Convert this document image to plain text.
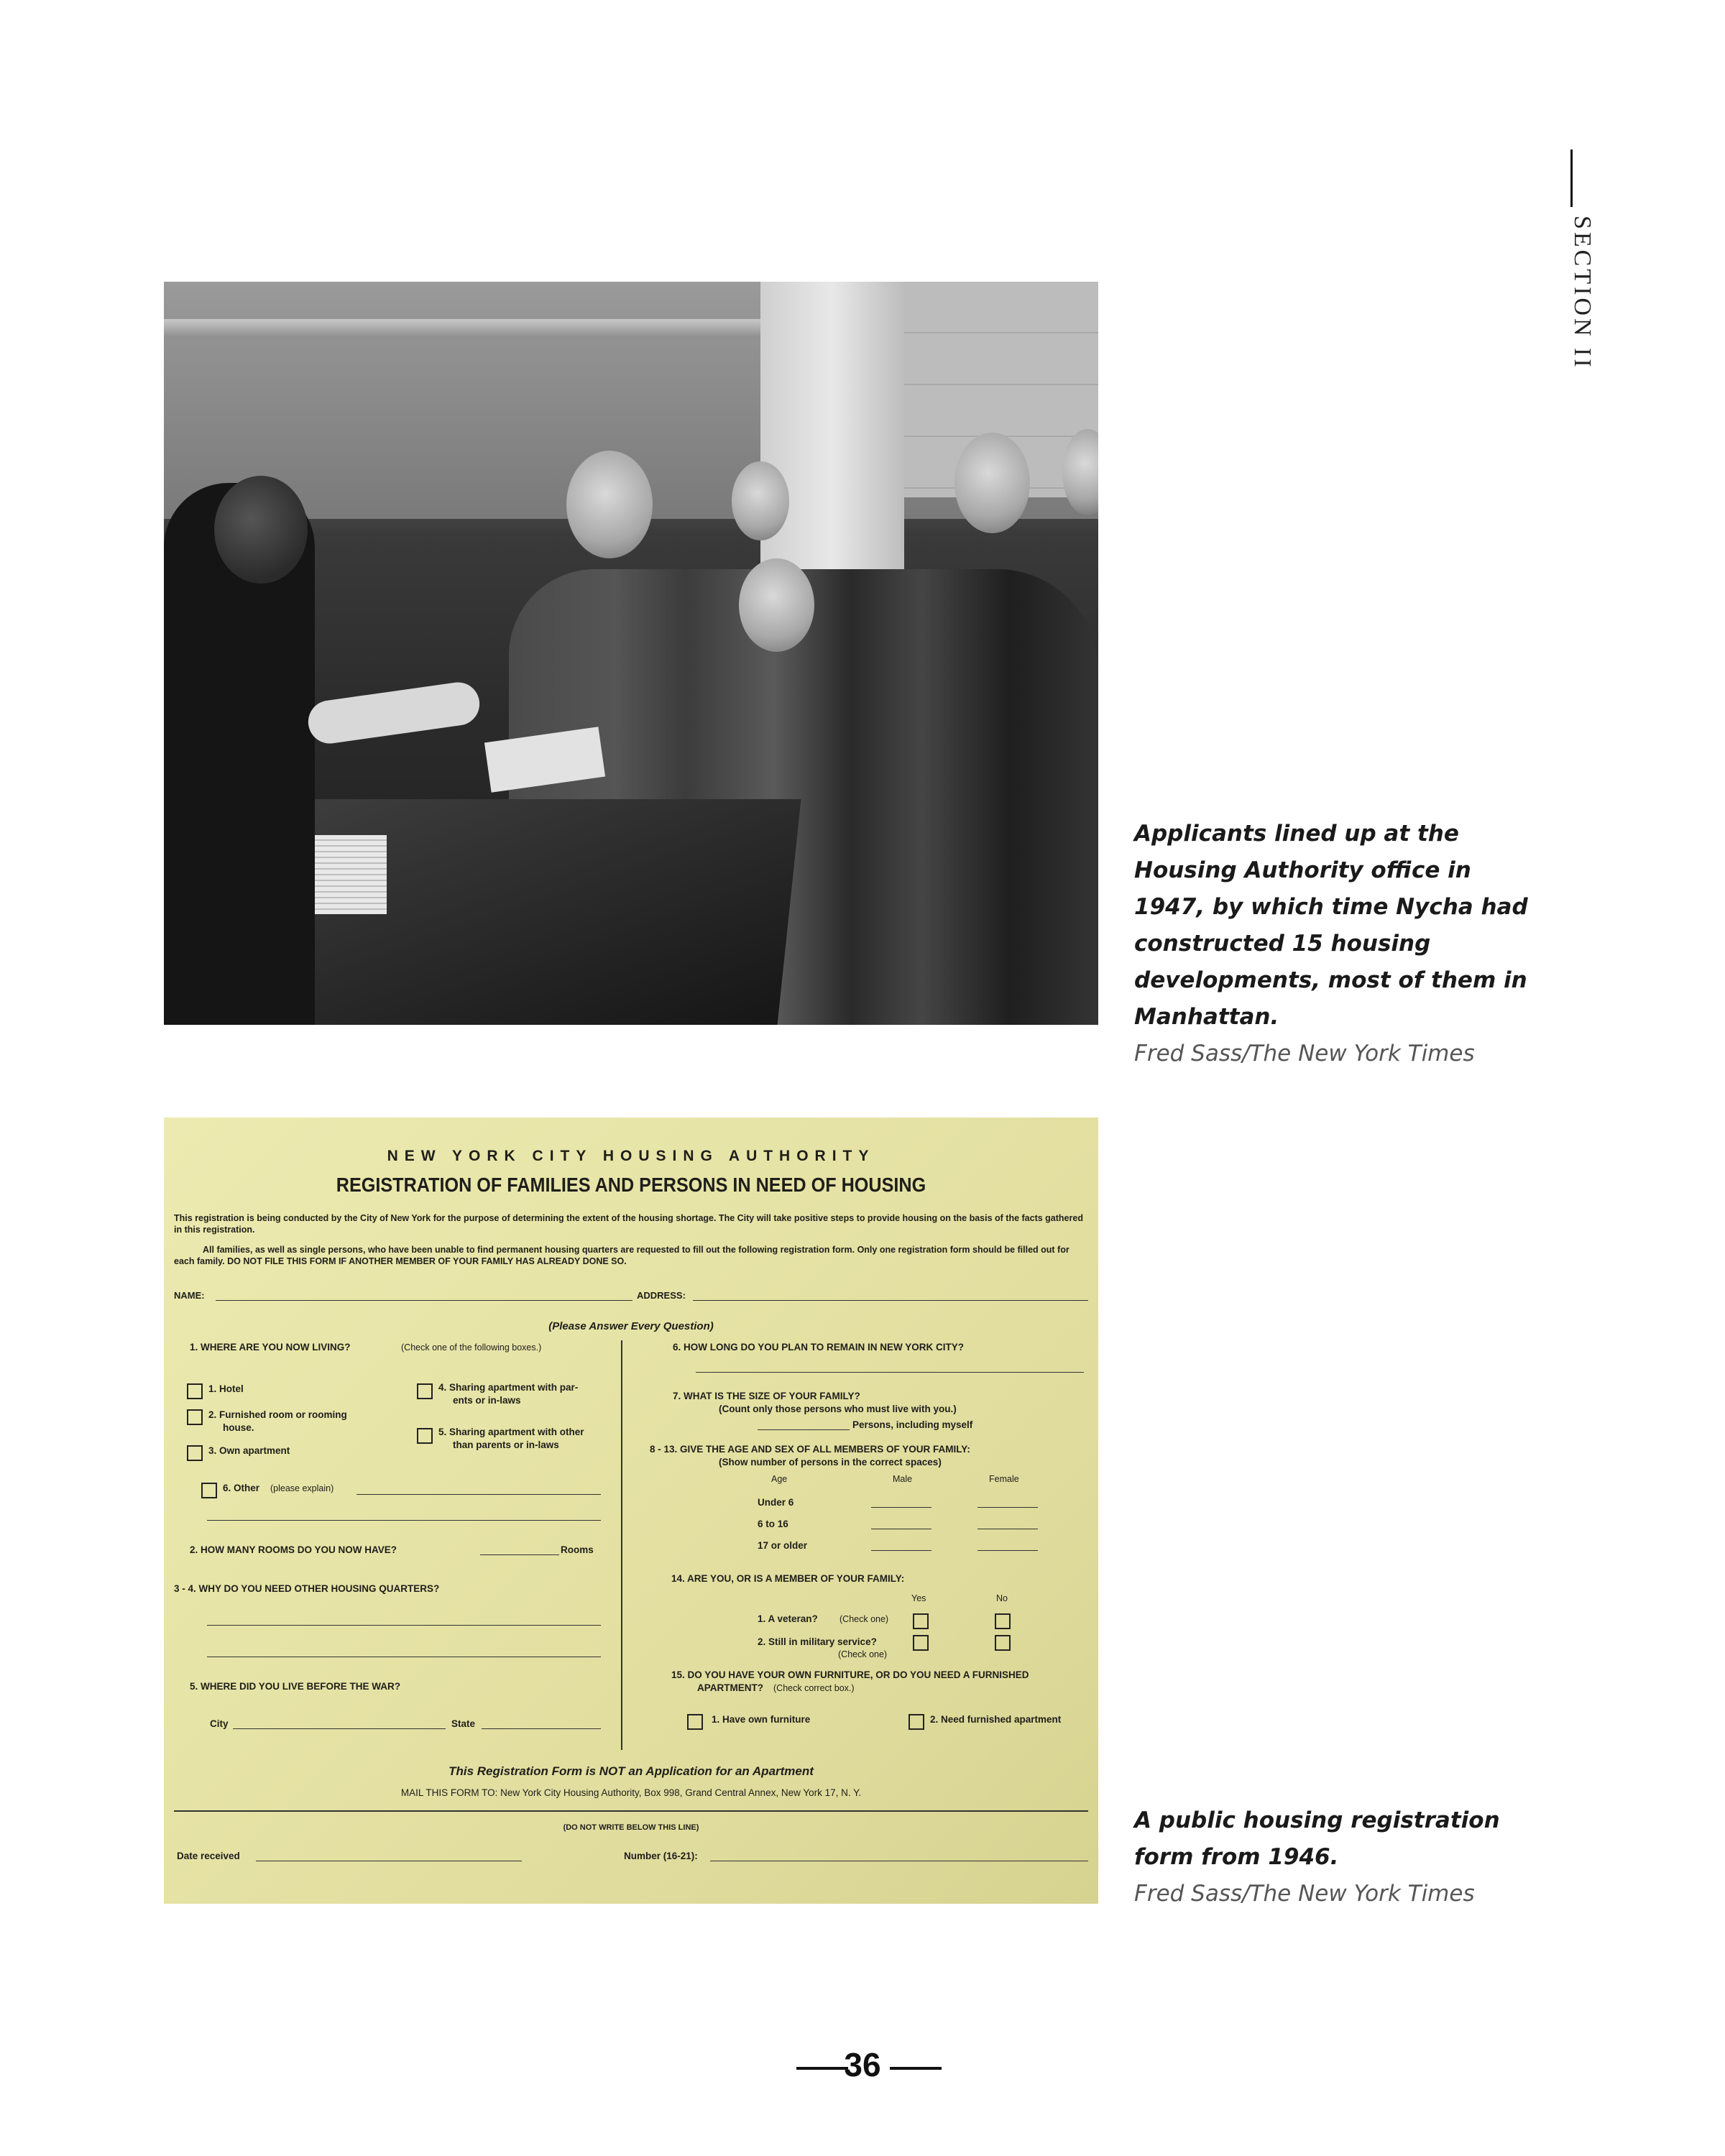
SECTION II

Applicants lined up at the Housing Authority office in 1947, by which time Nycha had constructed 15 housing developments, most of them in Manhattan.

Fred Sass/The New York Times

NEW YORK CITY HOUSING AUTHORITY
REGISTRATION OF FAMILIES AND PERSONS IN NEED OF HOUSING
This registration is being conducted by the City of New York for the purpose of determining the extent of the housing shortage. The City will take positive steps to provide housing on the basis of the facts gathered in this registration.
All families, as well as single persons, who have been unable to find permanent housing quarters are requested to fill out the following registration form. Only one registration form should be filled out for each family. DO NOT FILE THIS FORM IF ANOTHER MEMBER OF YOUR FAMILY HAS ALREADY DONE SO.
NAME:	ADDRESS:
(Please Answer Every Question)
1. WHERE ARE YOU NOW LIVING?	(Check one of the following boxes.)
1. Hotel
2. Furnished room or rooming
house.
3. Own apartment
4. Sharing apartment with par-
ents or in-laws
5. Sharing apartment with other
than parents or in-laws
6. Other (please explain)
2. HOW MANY ROOMS DO YOU NOW HAVE?	Rooms
3 - 4. WHY DO YOU NEED OTHER HOUSING QUARTERS?
5. WHERE DID YOU LIVE BEFORE THE WAR?
City	State
6. HOW LONG DO YOU PLAN TO REMAIN IN NEW YORK CITY?
7. WHAT IS THE SIZE OF YOUR FAMILY?
(Count only those persons who must live with you.)
Persons, including myself
8 - 13. GIVE THE AGE AND SEX OF ALL MEMBERS OF YOUR FAMILY:
(Show number of persons in the correct spaces)
Age	Male	Female
Under 6
6 to 16
17 or older
14. ARE YOU, OR IS A MEMBER OF YOUR FAMILY:
Yes	No
1. A veteran? (Check one)
2. Still in military service?
(Check one)
15. DO YOU HAVE YOUR OWN FURNITURE, OR DO YOU NEED A FURNISHED
APARTMENT? (Check correct box.)
1. Have own furniture	2. Need furnished apartment
This Registration Form is NOT an Application for an Apartment
MAIL THIS FORM TO: New York City Housing Authority, Box 998, Grand Central Annex, New York 17, N. Y.
(DO NOT WRITE BELOW THIS LINE)
Date received	Number (16-21):

A public housing registration form from 1946.

Fred Sass/The New York Times

36
